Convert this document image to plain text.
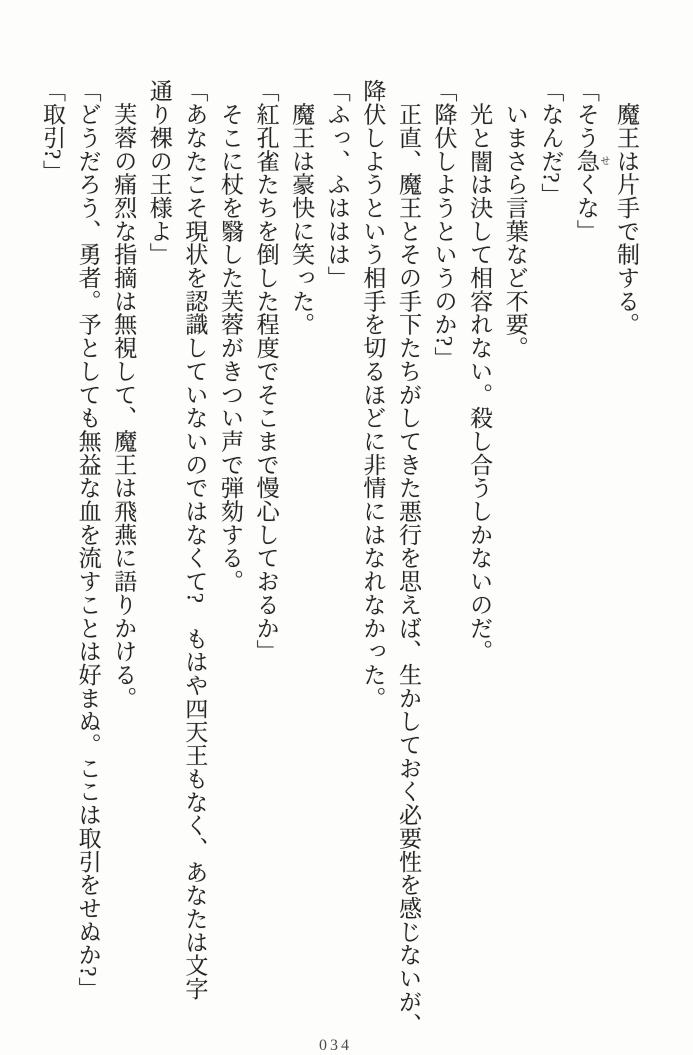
　魔王は片手で制する。
「そう急 せくな」
「なんだ?」
　いまさら言葉など不要。
　光と闇は決して相容れない。殺し合うしかないのだ。
「降伏しようというのか?」
　正直、魔王とその手下たちがしてきた悪行を思えば、生かしておく必要性を感じないが、
降伏しようという相手を切るほどに非情にはなれなかった。
「ふっ、ふははは」
　魔王は豪快に笑った。
「紅孔雀たちを倒した程度でそこまで慢心しておるか」
　そこに杖を翳した芙蓉がきつい声で弾劾する。
「あなたこそ現状を認識していないのではなくて?　もはや四天王もなく、あなたは文字
通り裸の王様よ」
　芙蓉の痛烈な指摘は無視して、魔王は飛燕に語りかける。
「どうだろう、勇者。予としても無益な血を流すことは好まぬ。ここは取引をせぬか?」
「取引?」
034
